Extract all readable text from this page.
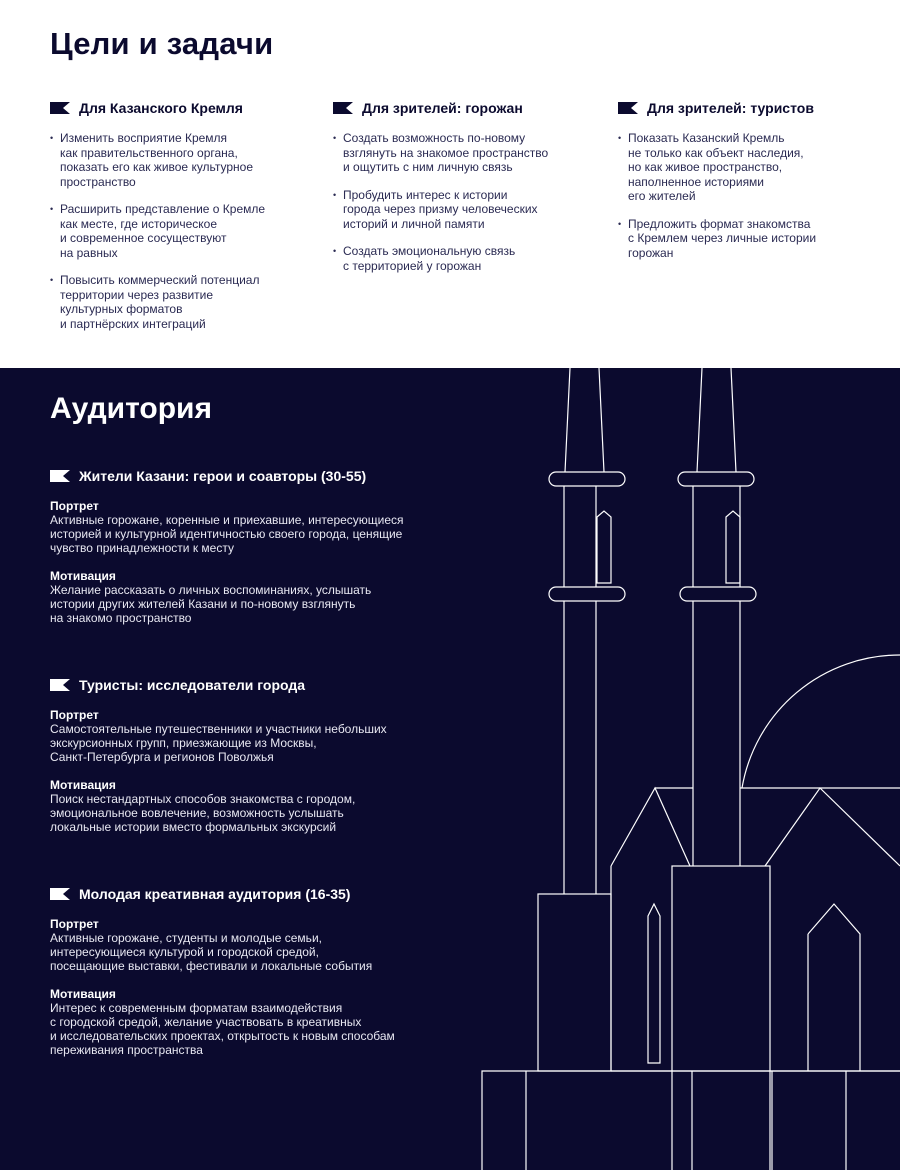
Цели и задачи
Для Казанского Кремля
• Изменить восприятие Кремля
как правительственного органа,
показать его как живое культурное
пространство
• Расширить представление о Кремле
как месте, где историческое
и современное сосуществуют
на равных
• Повысить коммерческий потенциал
территории через развитие
культурных форматов
и партнёрских интеграций
Для зрителей: горожан
• Создать возможность по-новому
взглянуть на знакомое пространство
и ощутить с ним личную связь
• Пробудить интерес к истории
города через призму человеческих
историй и личной памяти
• Создать эмоциональную связь
с территорией у горожан
Для зрителей: туристов
• Показать Казанский Кремль
не только как объект наследия,
но как живое пространство,
наполненное историями
его жителей
• Предложить формат знакомства
с Кремлем через личные истории
горожан
Аудитория
Жители Казани: герои и соавторы (30-55)
Портрет
Активные горожане, коренные и приехавшие, интересующиеся
историей и культурной идентичностью своего города, ценящие
чувство принадлежности к месту
Мотивация
Желание рассказать о личных воспоминаниях, услышать
истории других жителей Казани и по-новому взглянуть
на знакомо пространство
Туристы: исследователи города
Портрет
Самостоятельные путешественники и участники небольших
экскурсионных групп, приезжающие из Москвы,
Санкт-Петербурга и регионов Поволжья
Мотивация
Поиск нестандартных способов знакомства с городом,
эмоциональное вовлечение, возможность услышать
локальные истории вместо формальных экскурсий
Молодая креативная аудитория (16-35)
Портрет
Активные горожане, студенты и молодые семьи,
интересующиеся культурой и городской средой,
посещающие выставки, фестивали и локальные события
Мотивация
Интерес к современным форматам взаимодействия
с городской средой, желание участвовать в креативных
и исследовательских проектах, открытость к новым способам
переживания пространства
